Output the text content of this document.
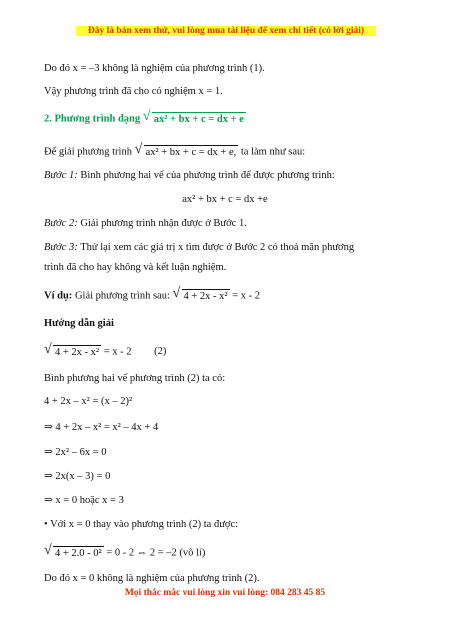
Đây là bản xem thử, vui lòng mua tài liệu để xem chi tiết (có lời giải)
Do đó x = –3 không là nghiệm của phương trình (1).
Vậy phương trình đã cho có nghiệm x = 1.
2. Phương trình dạng √ ax² + bx + c = dx + e
Để giải phương trình √ ax² + bx + c = dx + e, ta làm như sau:
Bước 1: Bình phương hai vế của phương trình để được phương trình:
ax² + bx + c = dx +e
Bước 2: Giải phương trình nhận được ở Bước 1.
Bước 3: Thử lại xem các giá trị x tìm được ở Bước 2 có thoả mãn phương
trình đã cho hay không và kết luận nghiệm.
Ví dụ: Giải phương trình sau: √ 4 + 2x - x² = x - 2
Hướng dẫn giải
√ 4 + 2x - x² = x - 2 (2)
Bình phương hai vế phương trình (2) ta có:
4 + 2x – x² = (x – 2)²
⇒ 4 + 2x – x² = x² – 4x + 4
⇒ 2x² – 6x = 0
⇒ 2x(x – 3) = 0
⇒ x = 0 hoặc x = 3
• Với x = 0 thay vào phương trình (2) ta được:
√ 4 + 2.0 - 0² = 0 - 2 ⇔ 2 = –2 (vô lí)
Do đó x = 0 không là nghiệm của phương trình (2).
Mọi thắc mắc vui lòng xin vui lòng: 084 283 45 85
